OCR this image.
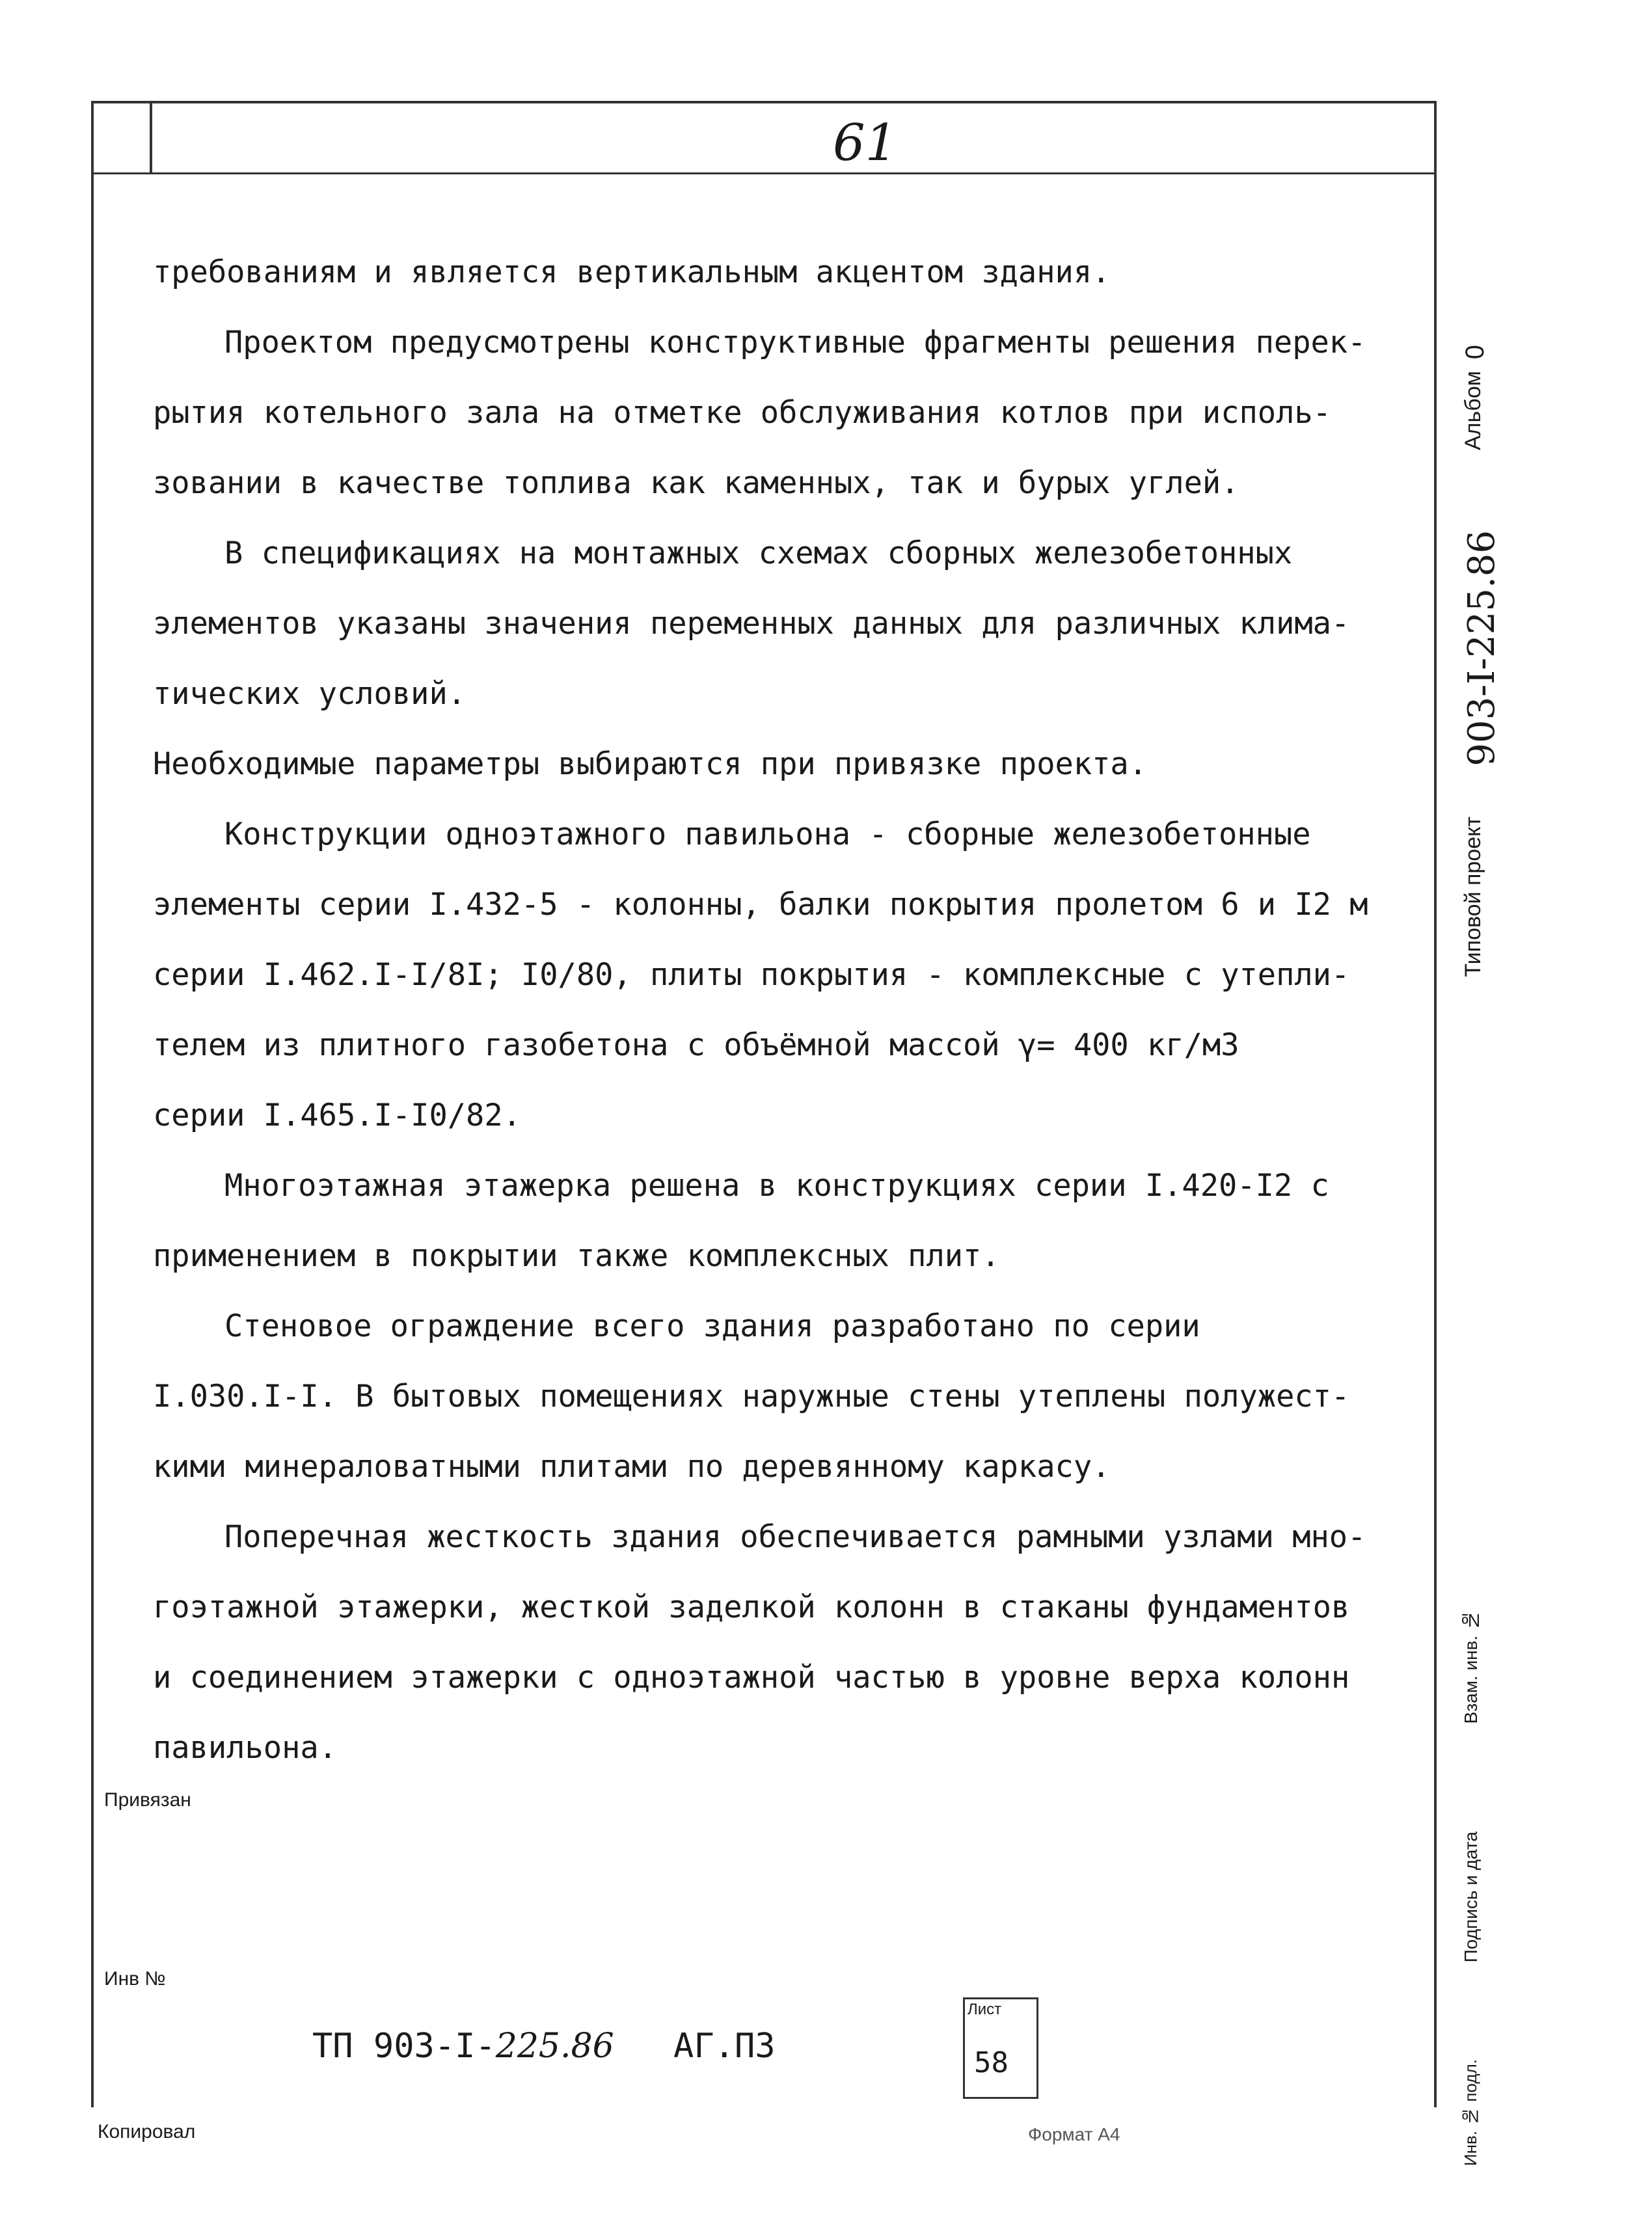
61
0
Альбом
903-I-225.86
Типовой проект
Взам. инв. №
Подпись и дата
Инв. № подл.

требованиям и является вертикальным акцентом здания.

Проектом предусмотрены конструктивные фрагменты решения перек-

рытия котельного зала на отметке обслуживания котлов при исполь-

зовании в качестве топлива как каменных, так и бурых углей.

В спецификациях на монтажных схемах сборных железобетонных

элементов указаны значения переменных данных для различных клима-

тических условий.

Необходимые параметры выбираются при привязке проекта.

Конструкции одноэтажного павильона - сборные железобетонные

элементы серии I.432-5 - колонны, балки покрытия пролетом 6 и I2 м

серии I.462.I-I/8I; I0/80, плиты покрытия - комплексные с утепли-

телем из плитного газобетона с объёмной массой γ= 400 кг/м3

серии I.465.I-I0/82.

Многоэтажная этажерка решена в конструкциях серии I.420-I2 с

применением в покрытии также комплексных плит.

Стеновое ограждение всего здания разработано по серии

I.030.I-I. В бытовых помещениях наружные стены утеплены полужест-

кими минераловатными плитами по деревянному каркасу.

Поперечная жесткость здания обеспечивается рамными узлами мно-

гоэтажной этажерки, жесткой заделкой колонн в стаканы фундаментов

и соединением этажерки с одноэтажной частью в уровне верха колонн

павильона.

Привязан
Инв №
ТП 903-I-225.86 АГ.ПЗ
Лист
58
Копировал	Формат А4
